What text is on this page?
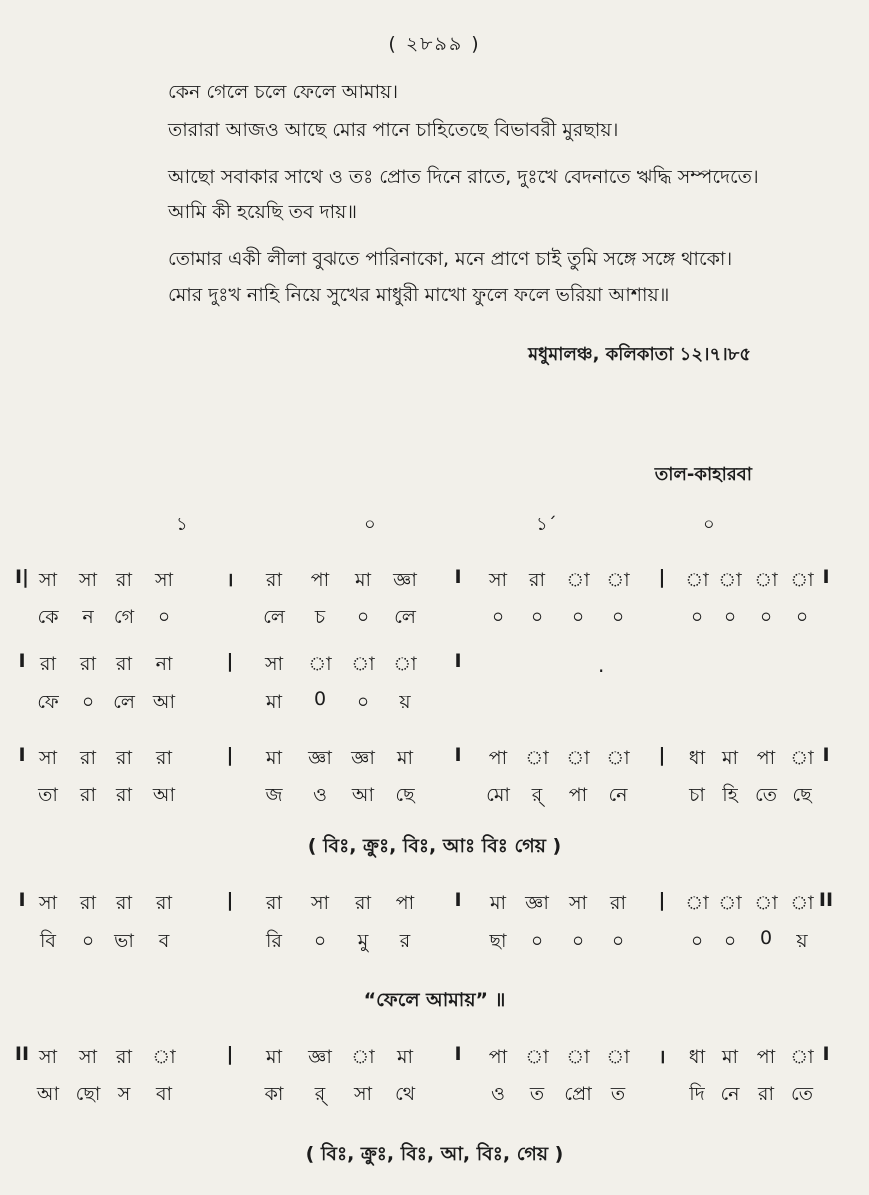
( ২৮৯৯ )
কেন গেলে চলে ফেলে আমায়।
তারারা আজও আছে মোর পানে চাহিতেছে বিভাবরী মুরছায়।
আছো সবাকার সাথে ও তঃ প্রোত দিনে রাতে, দুঃখে বেদনাতে ঋদ্ধি সম্পদেতে।
আমি কী হয়েছি তব দায়॥
তোমার একী লীলা বুঝতে পারিনাকো, মনে প্রাণে চাই তুমি সঙ্গে সঙ্গে থাকো।
মোর দুঃখ নাহি নিয়ে সুখের মাধুরী মাখো ফুলে ফলে ভরিয়া আশায়॥
মধুমালঞ্চ, কলিকাতা ১২।৭।৮৫
তাল-কাহারবা
১	০	১´	০
I| সা সা রা সা	। রা পা মা জ্ঞা I সা রা া া | া া া া I
কে ন গে ০	লে চ ০ লে	০ ০ ০ ০	০ ০ ০ ০
I রা রা রা না	| সা া া া I
ফে ০ লে আ	মা 0 ০ য়
I সা রা রা রা	| মা জ্ঞা জ্ঞা মা I পা া া া | ধা মা পা া I
তা রা রা আ	জ ও আ ছে	মো র্ পা নে	চা হি তে ছে
I সা রা রা রা	| রা সা রা পা I মা জ্ঞা সা রা | া া া া II
বি ০ ভা ব	রি ০ মু র	ছা ০ ০ ০	০ ০ 0 য়
II সা সা রা া	| মা জ্ঞা া মা I পা া া া । ধা মা পা া I
আ ছো স বা	কা র্ সা থে	ও ত প্রো ত	দি নে রা তে
.
( বিঃ, ক্রুঃ, বিঃ, আঃ বিঃ গেয় )
“ফেলে আমায়” ॥
( বিঃ, ক্রুঃ, বিঃ, আ, বিঃ, গেয় )
